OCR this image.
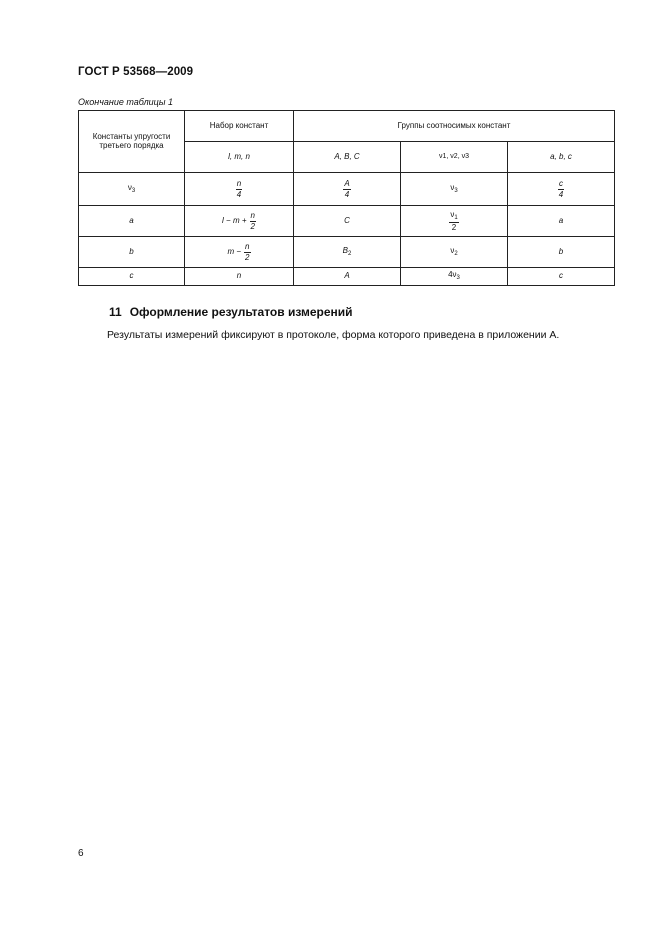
ГОСТ Р 53568—2009
Окончание таблицы 1
Константы упругости третьего порядка	Набор констант	Группы соотносимых констант		
	l, m, n	A, B, C	ν1, ν2, ν3	a, b, c
$\nu_3$	$\frac{n}{4}$	$\frac{A}{4}$	$\nu_3$	$\frac{c}{4}$

a	$l - m + \frac{n}{2}$	C	$\frac{\nu_1}{2}$	a
b	$m - \frac{n}{2}$	$B_2$	$\nu_2$	b
c	n	A	$4\nu_3$	c
11 Оформление результатов измерений
Результаты измерений фиксируют в протоколе, форма которого приведена в приложении А.
6
